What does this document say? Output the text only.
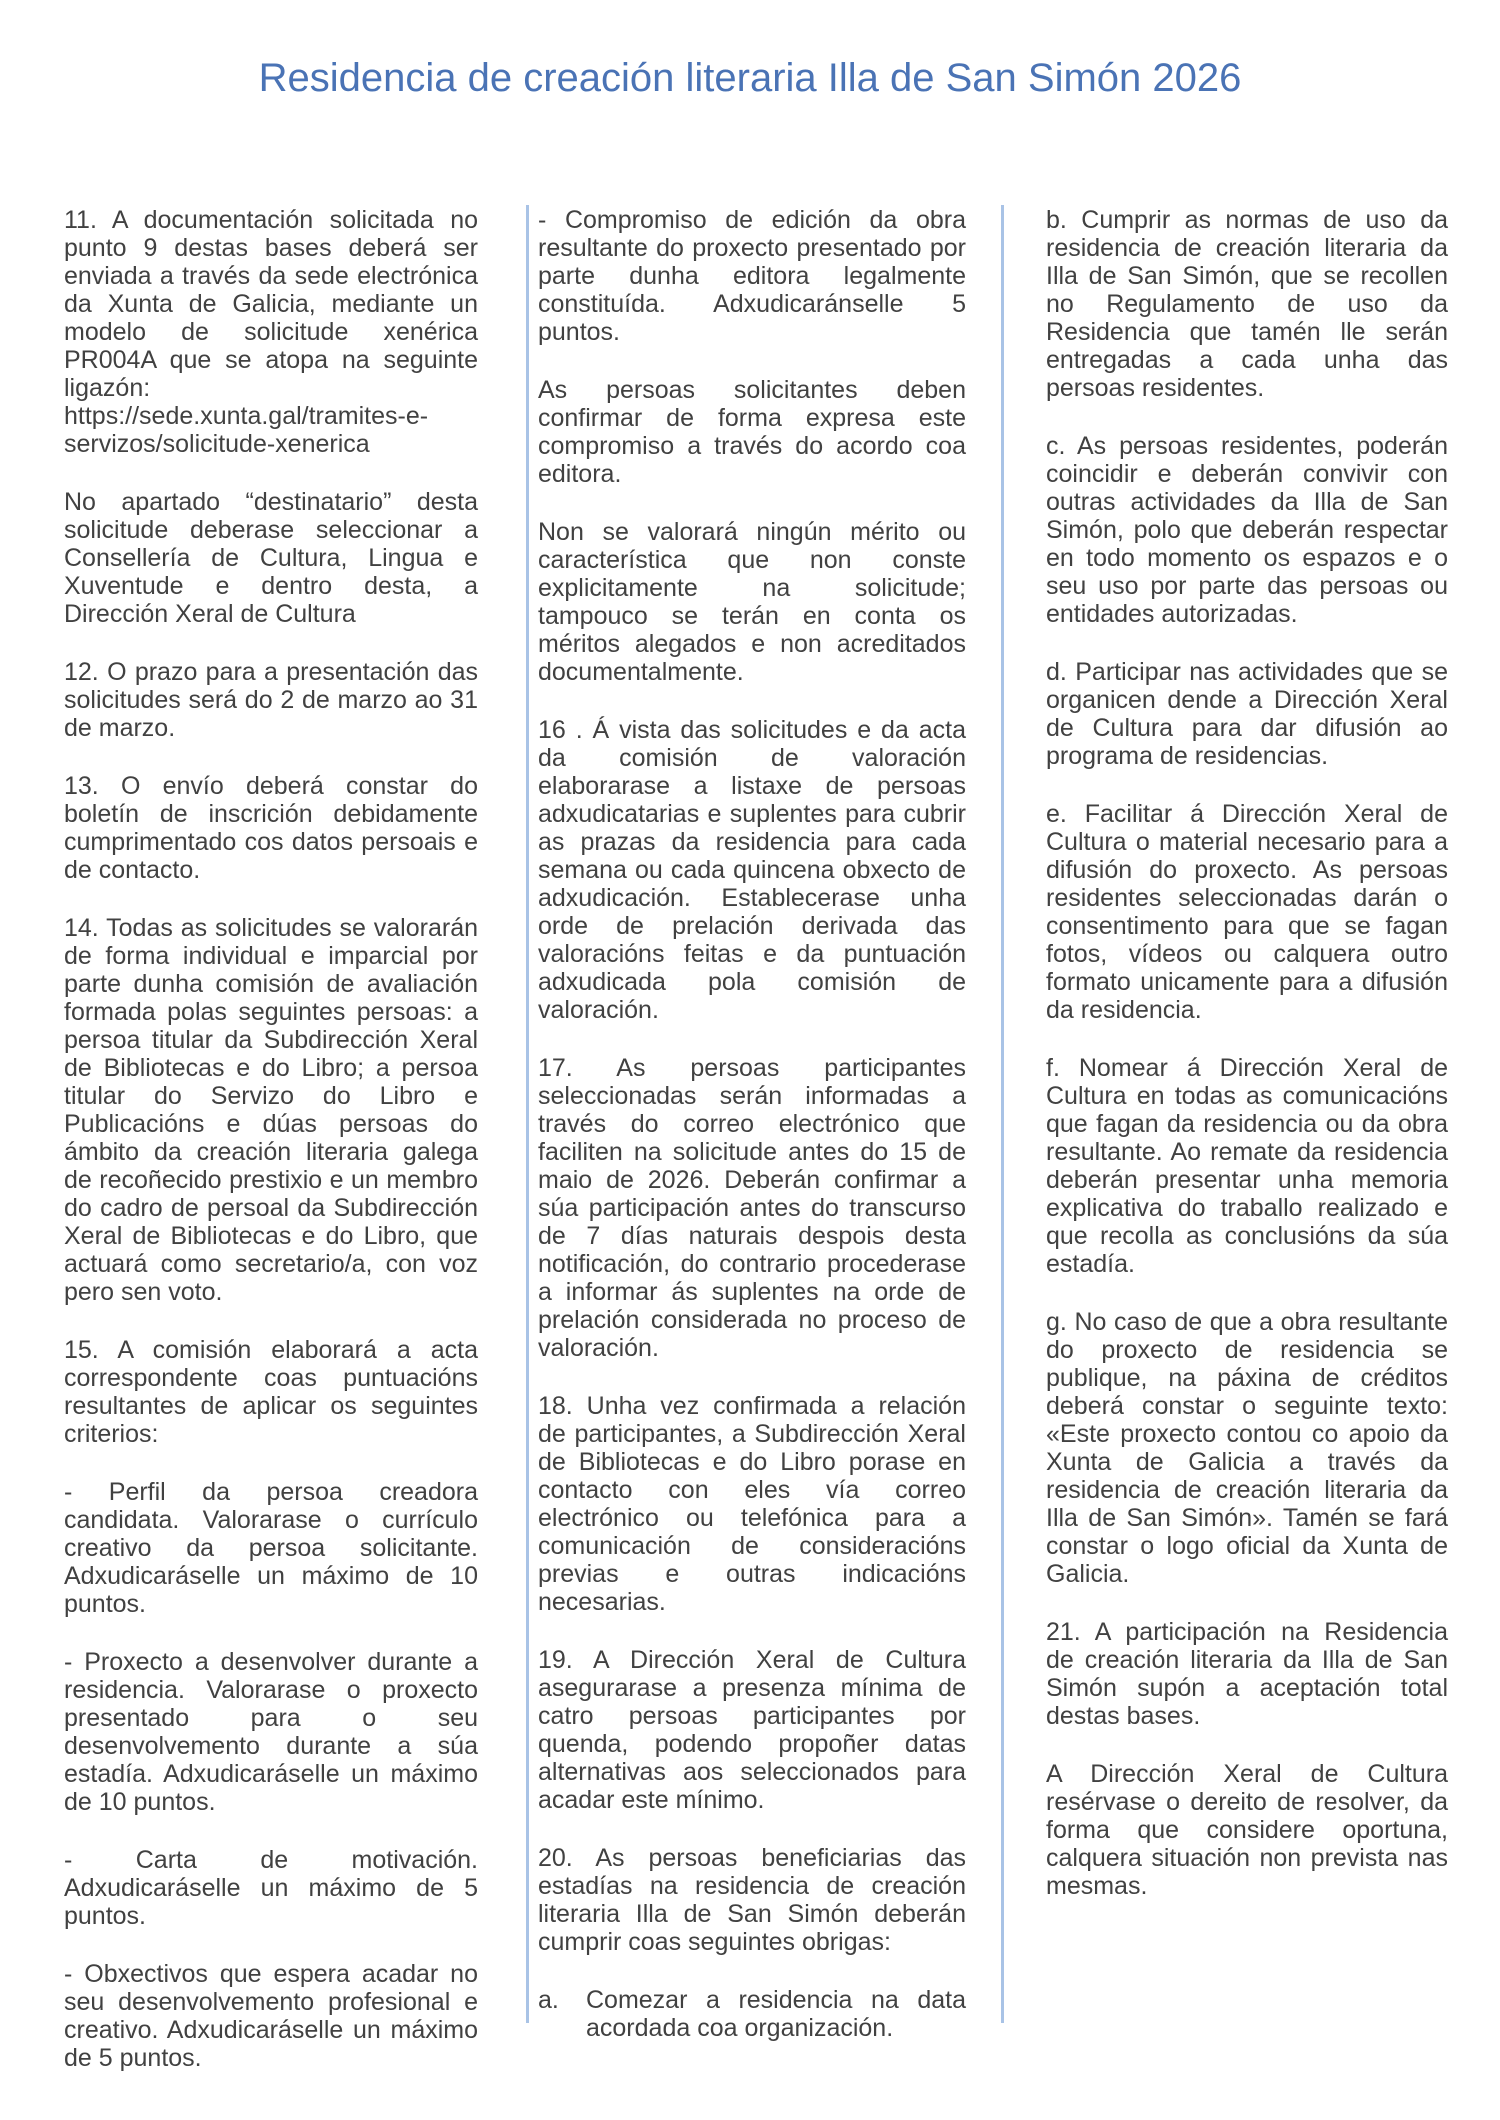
Residencia de creación literaria Illa de San Simón 2026

11. A documentación solicitada no punto 9 destas bases deberá ser enviada a través da sede electrónica da Xunta de Galicia, mediante un modelo de solicitude xenérica PR004A que se atopa na seguinte ligazón: https://sede.xunta.gal/tramites-e-servizos/solicitude-xenerica

No apartado “destinatario” desta solicitude deberase seleccionar a Consellería de Cultura, Lingua e Xuventude e dentro desta, a Dirección Xeral de Cultura

12. O prazo para a presentación das solicitudes será do 2 de marzo ao 31 de marzo.

13. O envío deberá constar do boletín de inscrición debidamente cumprimentado cos datos persoais e de contacto.

14. Todas as solicitudes se valorarán de forma individual e imparcial por parte dunha comisión de avaliación formada polas seguintes persoas: a persoa titular da Subdirección Xeral de Bibliotecas e do Libro; a persoa titular do Servizo do Libro e Publicacións e dúas persoas do ámbito da creación literaria galega de recoñecido prestixio e un membro do cadro de persoal da Subdirección Xeral de Bibliotecas e do Libro, que actuará como secretario/a, con voz pero sen voto.

15. A comisión elaborará a acta correspondente coas puntuacións resultantes de aplicar os seguintes criterios:

- Perfil da persoa creadora candidata. Valorarase o currículo creativo da persoa solicitante. Adxudicaráselle un máximo de 10 puntos.

- Proxecto a desenvolver durante a residencia. Valorarase o proxecto presentado para o seu desenvolvemento durante a súa estadía. Adxudicaráselle un máximo de 10 puntos.

- Carta de motivación. Adxudicaráselle un máximo de 5 puntos.

- Obxectivos que espera acadar no seu desenvolvemento profesional e creativo. Adxudicaráselle un máximo de 5 puntos.

- Compromiso de edición da obra resultante do proxecto presentado por parte dunha editora legalmente constituída. Adxudicaránselle 5 puntos.

As persoas solicitantes deben confirmar de forma expresa este compromiso a través do acordo coa editora.

Non se valorará ningún mérito ou característica que non conste explicitamente na solicitude; tampouco se terán en conta os méritos alegados e non acreditados documentalmente.

16 . Á vista das solicitudes e da acta da comisión de valoración elaborarase a listaxe de persoas adxudicatarias e suplentes para cubrir as prazas da residencia para cada semana ou cada quincena obxecto de adxudicación. Establecerase unha orde de prelación derivada das valoracións feitas e da puntuación adxudicada pola comisión de valoración.

17. As persoas participantes seleccionadas serán informadas a través do correo electrónico que faciliten na solicitude antes do 15 de maio de 2026. Deberán confirmar a súa participación antes do transcurso de 7 días naturais despois desta notificación, do contrario procederase a informar ás suplentes na orde de prelación considerada no proceso de valoración.

18. Unha vez confirmada a relación de participantes, a Subdirección Xeral de Bibliotecas e do Libro porase en contacto con eles vía correo electrónico ou telefónica para a comunicación de consideracións previas e outras indicacións necesarias.

19. A Dirección Xeral de Cultura asegurarase a presenza mínima de catro persoas participantes por quenda, podendo propoñer datas alternativas aos seleccionados para acadar este mínimo.

20. As persoas beneficiarias das estadías na residencia de creación literaria Illa de San Simón deberán cumprir coas seguintes obrigas:

a. Comezar a residencia na data acordada coa organización.

b. Cumprir as normas de uso da residencia de creación literaria da Illa de San Simón, que se recollen no Regulamento de uso da Residencia que tamén lle serán entregadas a cada unha das persoas residentes.

c. As persoas residentes, poderán coincidir e deberán convivir con outras actividades da Illa de San Simón, polo que deberán respectar en todo momento os espazos e o seu uso por parte das persoas ou entidades autorizadas.

d. Participar nas actividades que se organicen dende a Dirección Xeral de Cultura para dar difusión ao programa de residencias.

e. Facilitar á Dirección Xeral de Cultura o material necesario para a difusión do proxecto. As persoas residentes seleccionadas darán o consentimento para que se fagan fotos, vídeos ou calquera outro formato unicamente para a difusión da residencia.

f. Nomear á Dirección Xeral de Cultura en todas as comunicacións que fagan da residencia ou da obra resultante. Ao remate da residencia deberán presentar unha memoria explicativa do traballo realizado e que recolla as conclusións da súa estadía.

g. No caso de que a obra resultante do proxecto de residencia se publique, na páxina de créditos deberá constar o seguinte texto: «Este proxecto contou co apoio da Xunta de Galicia a través da residencia de creación literaria da Illa de San Simón». Tamén se fará constar o logo oficial da Xunta de Galicia.

21. A participación na Residencia de creación literaria da Illa de San Simón supón a aceptación total destas bases.

A Dirección Xeral de Cultura resérvase o dereito de resolver, da forma que considere oportuna, calquera situación non prevista nas mesmas.
